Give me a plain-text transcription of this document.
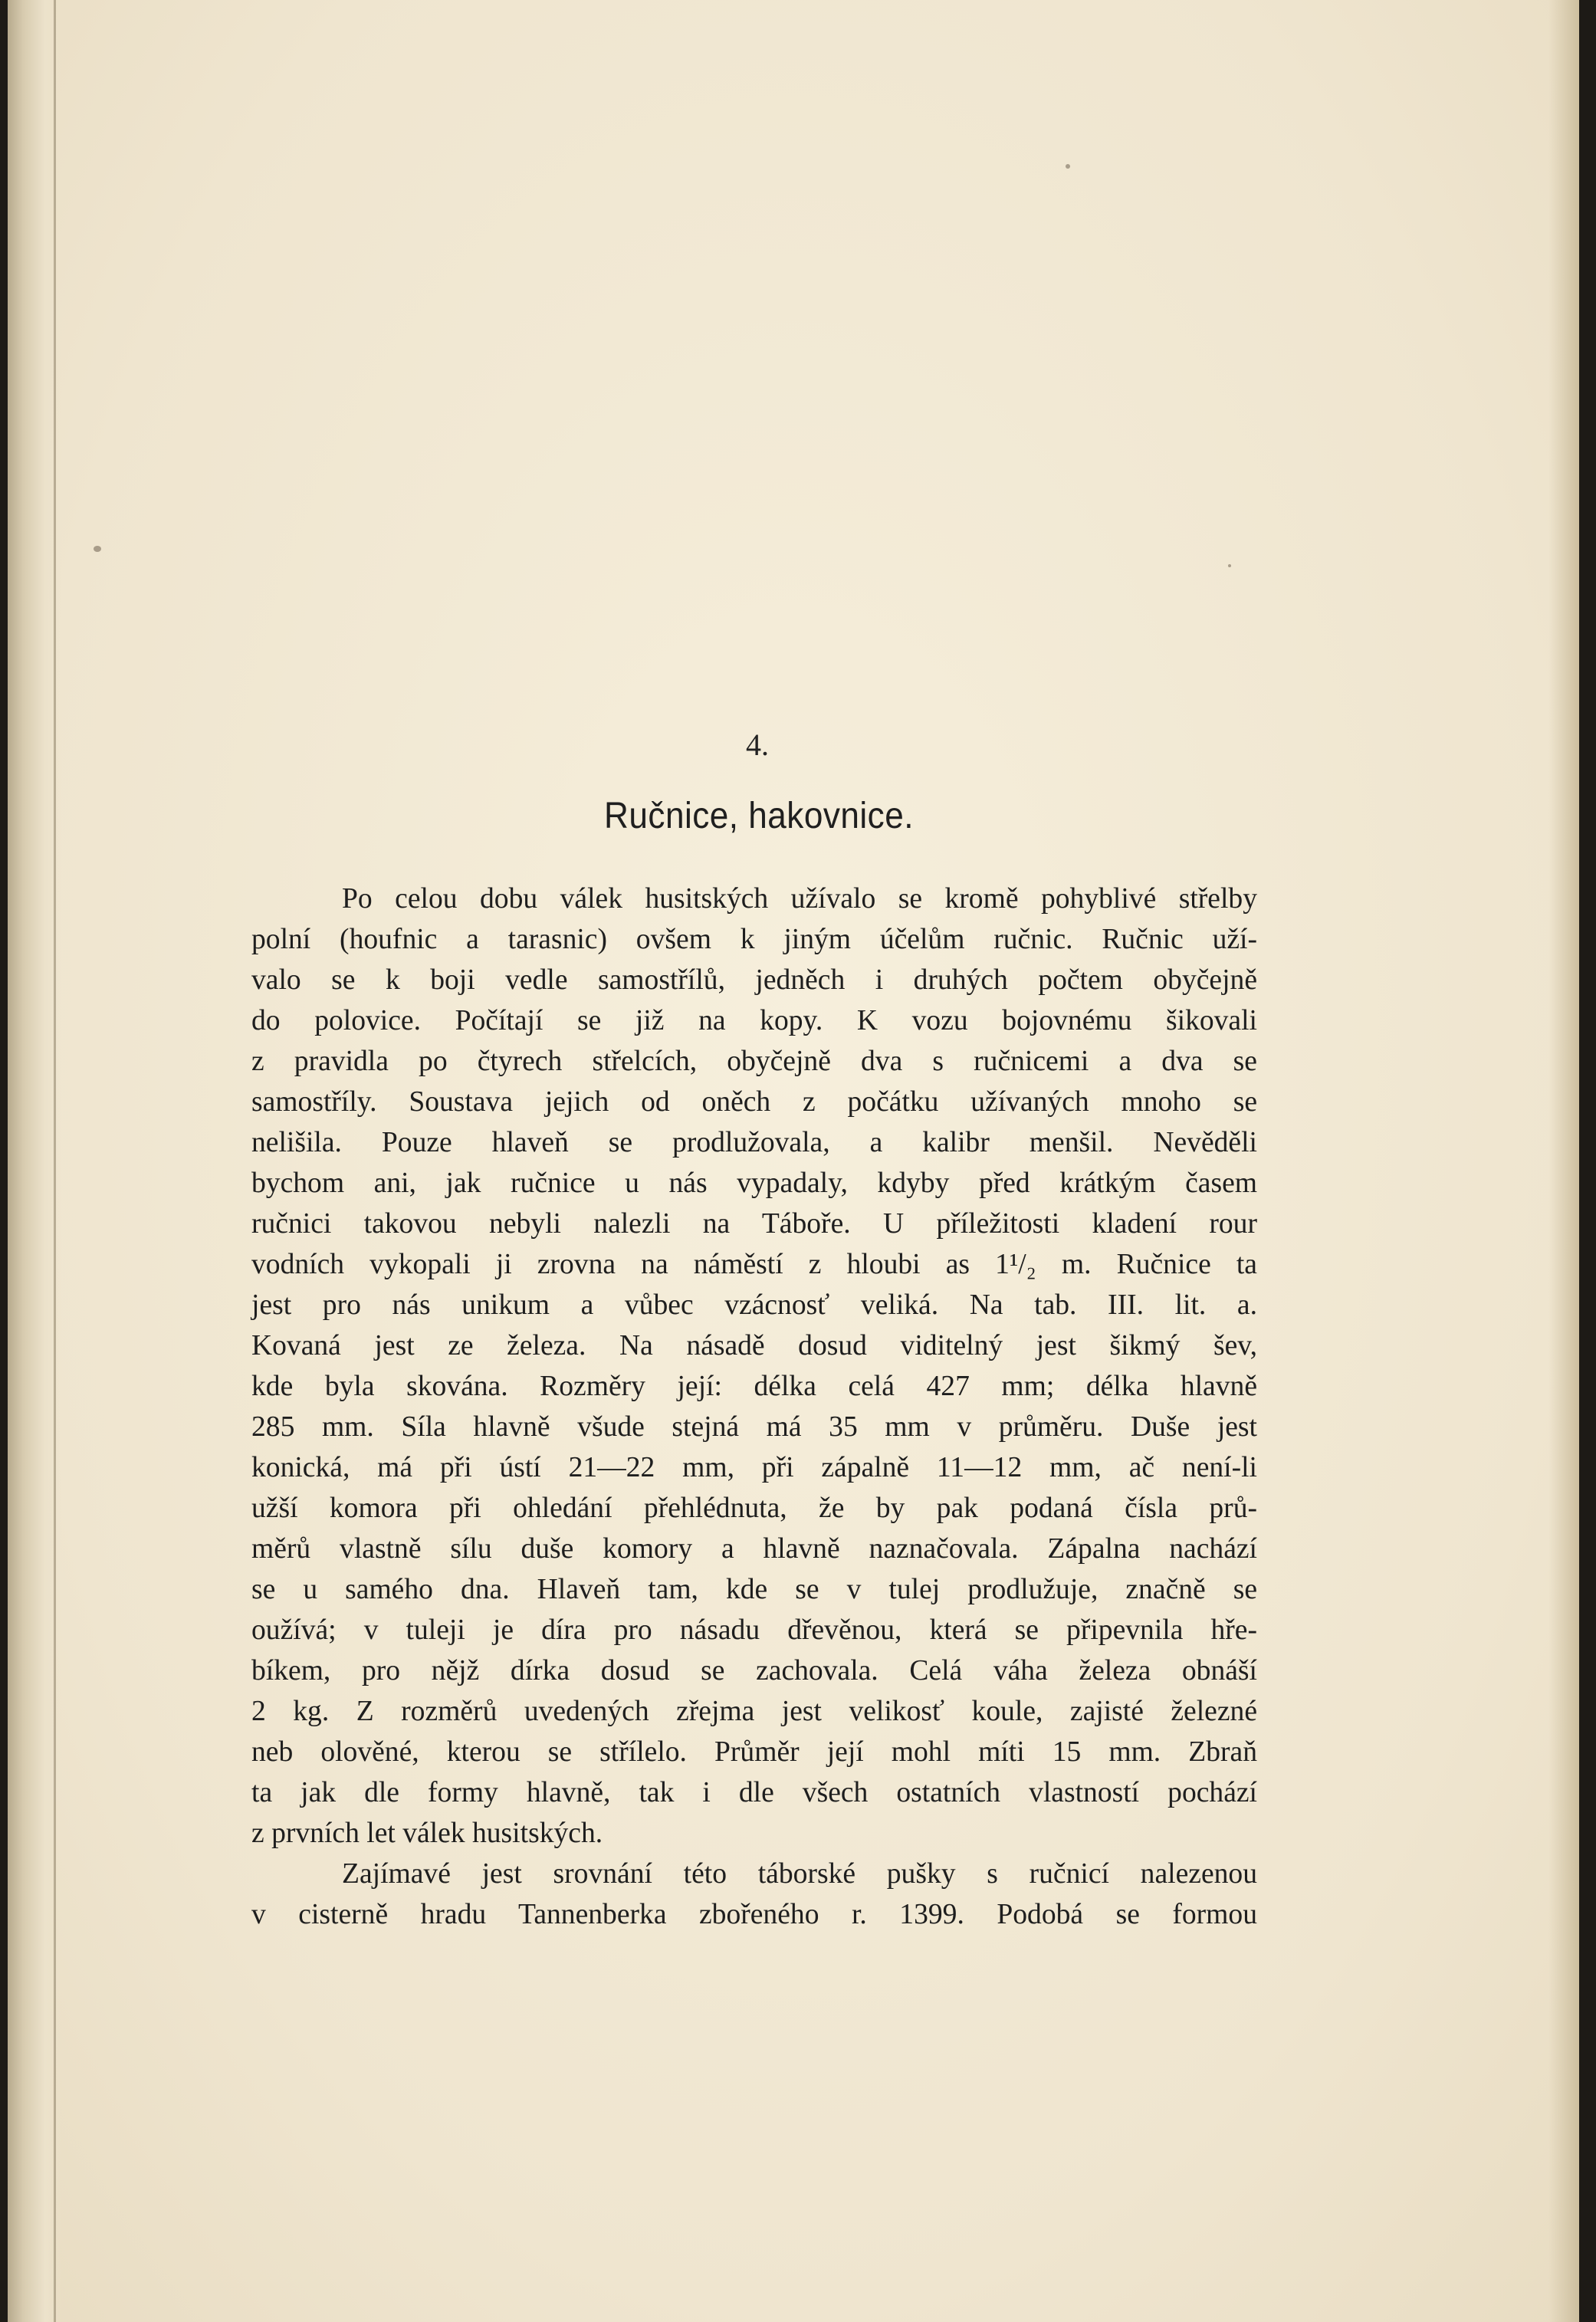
4.
Ručnice, hakovnice.
Po celou dobu válek husitských užívalo se kromě pohyblivé střelby
polní (houfnic a tarasnic) ovšem k jiným účelům ručnic. Ručnic uží-
valo se k boji vedle samostřílů, jedněch i druhých počtem obyčejně
do polovice. Počítají se již na kopy. K vozu bojovnému šikovali
z pravidla po čtyrech střelcích, obyčejně dva s ručnicemi a dva se
samostříly. Soustava jejich od oněch z počátku užívaných mnoho se
nelišila. Pouze hlaveň se prodlužovala, a kalibr menšil. Nevěděli
bychom ani, jak ručnice u nás vypadaly, kdyby před krátkým časem
ručnici takovou nebyli nalezli na Táboře. U příležitosti kladení rour
vodních vykopali ji zrovna na náměstí z hloubi as 1¹/₂ m. Ručnice ta
jest pro nás unikum a vůbec vzácnosť veliká. Na tab. III. lit. a.
Kovaná jest ze železa. Na násadě dosud viditelný jest šikmý šev,
kde byla skována. Rozměry její: délka celá 427 mm; délka hlavně
285 mm. Síla hlavně všude stejná má 35 mm v průměru. Duše jest
konická, má při ústí 21—22 mm, při zápalně 11—12 mm, ač není-li
užší komora při ohledání přehlédnuta, že by pak podaná čísla prů-
měrů vlastně sílu duše komory a hlavně naznačovala. Zápalna nachází
se u samého dna. Hlaveň tam, kde se v tulej prodlužuje, značně se
oužívá; v tuleji je díra pro násadu dřevěnou, která se připevnila hře-
bíkem, pro nějž dírka dosud se zachovala. Celá váha železa obnáší
2 kg. Z rozměrů uvedených zřejma jest velikosť koule, zajisté železné
neb olověné, kterou se střílelo. Průměr její mohl míti 15 mm. Zbraň
ta jak dle formy hlavně, tak i dle všech ostatních vlastností pochází
z prvních let válek husitských.
Zajímavé jest srovnání této táborské pušky s ručnicí nalezenou
v cisterně hradu Tannenberka zbořeného r. 1399. Podobá se formou
